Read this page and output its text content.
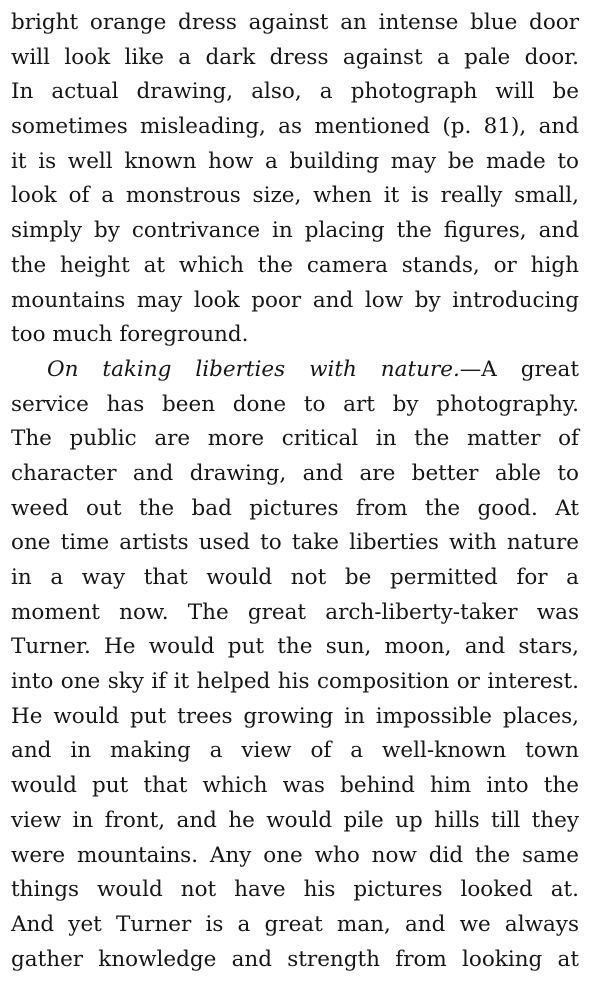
bright orange dress against an intense blue door
will look like a dark dress against a pale door.
In actual drawing, also, a photograph will be
sometimes misleading, as mentioned (p. 81), and
it is well known how a building may be made to
look of a monstrous size, when it is really small,
simply by contrivance in placing the figures, and
the height at which the camera stands, or high
mountains may look poor and low by introducing
too much foreground.
On taking liberties with nature.—A great
service has been done to art by photography.
The public are more critical in the matter of
character and drawing, and are better able to
weed out the bad pictures from the good. At
one time artists used to take liberties with nature
in a way that would not be permitted for a
moment now. The great arch-liberty-taker was
Turner. He would put the sun, moon, and stars,
into one sky if it helped his composition or interest.
He would put trees growing in impossible places,
and in making a view of a well-known town
would put that which was behind him into the
view in front, and he would pile up hills till they
were mountains. Any one who now did the same
things would not have his pictures looked at.
And yet Turner is a great man, and we always
gather knowledge and strength from looking at
